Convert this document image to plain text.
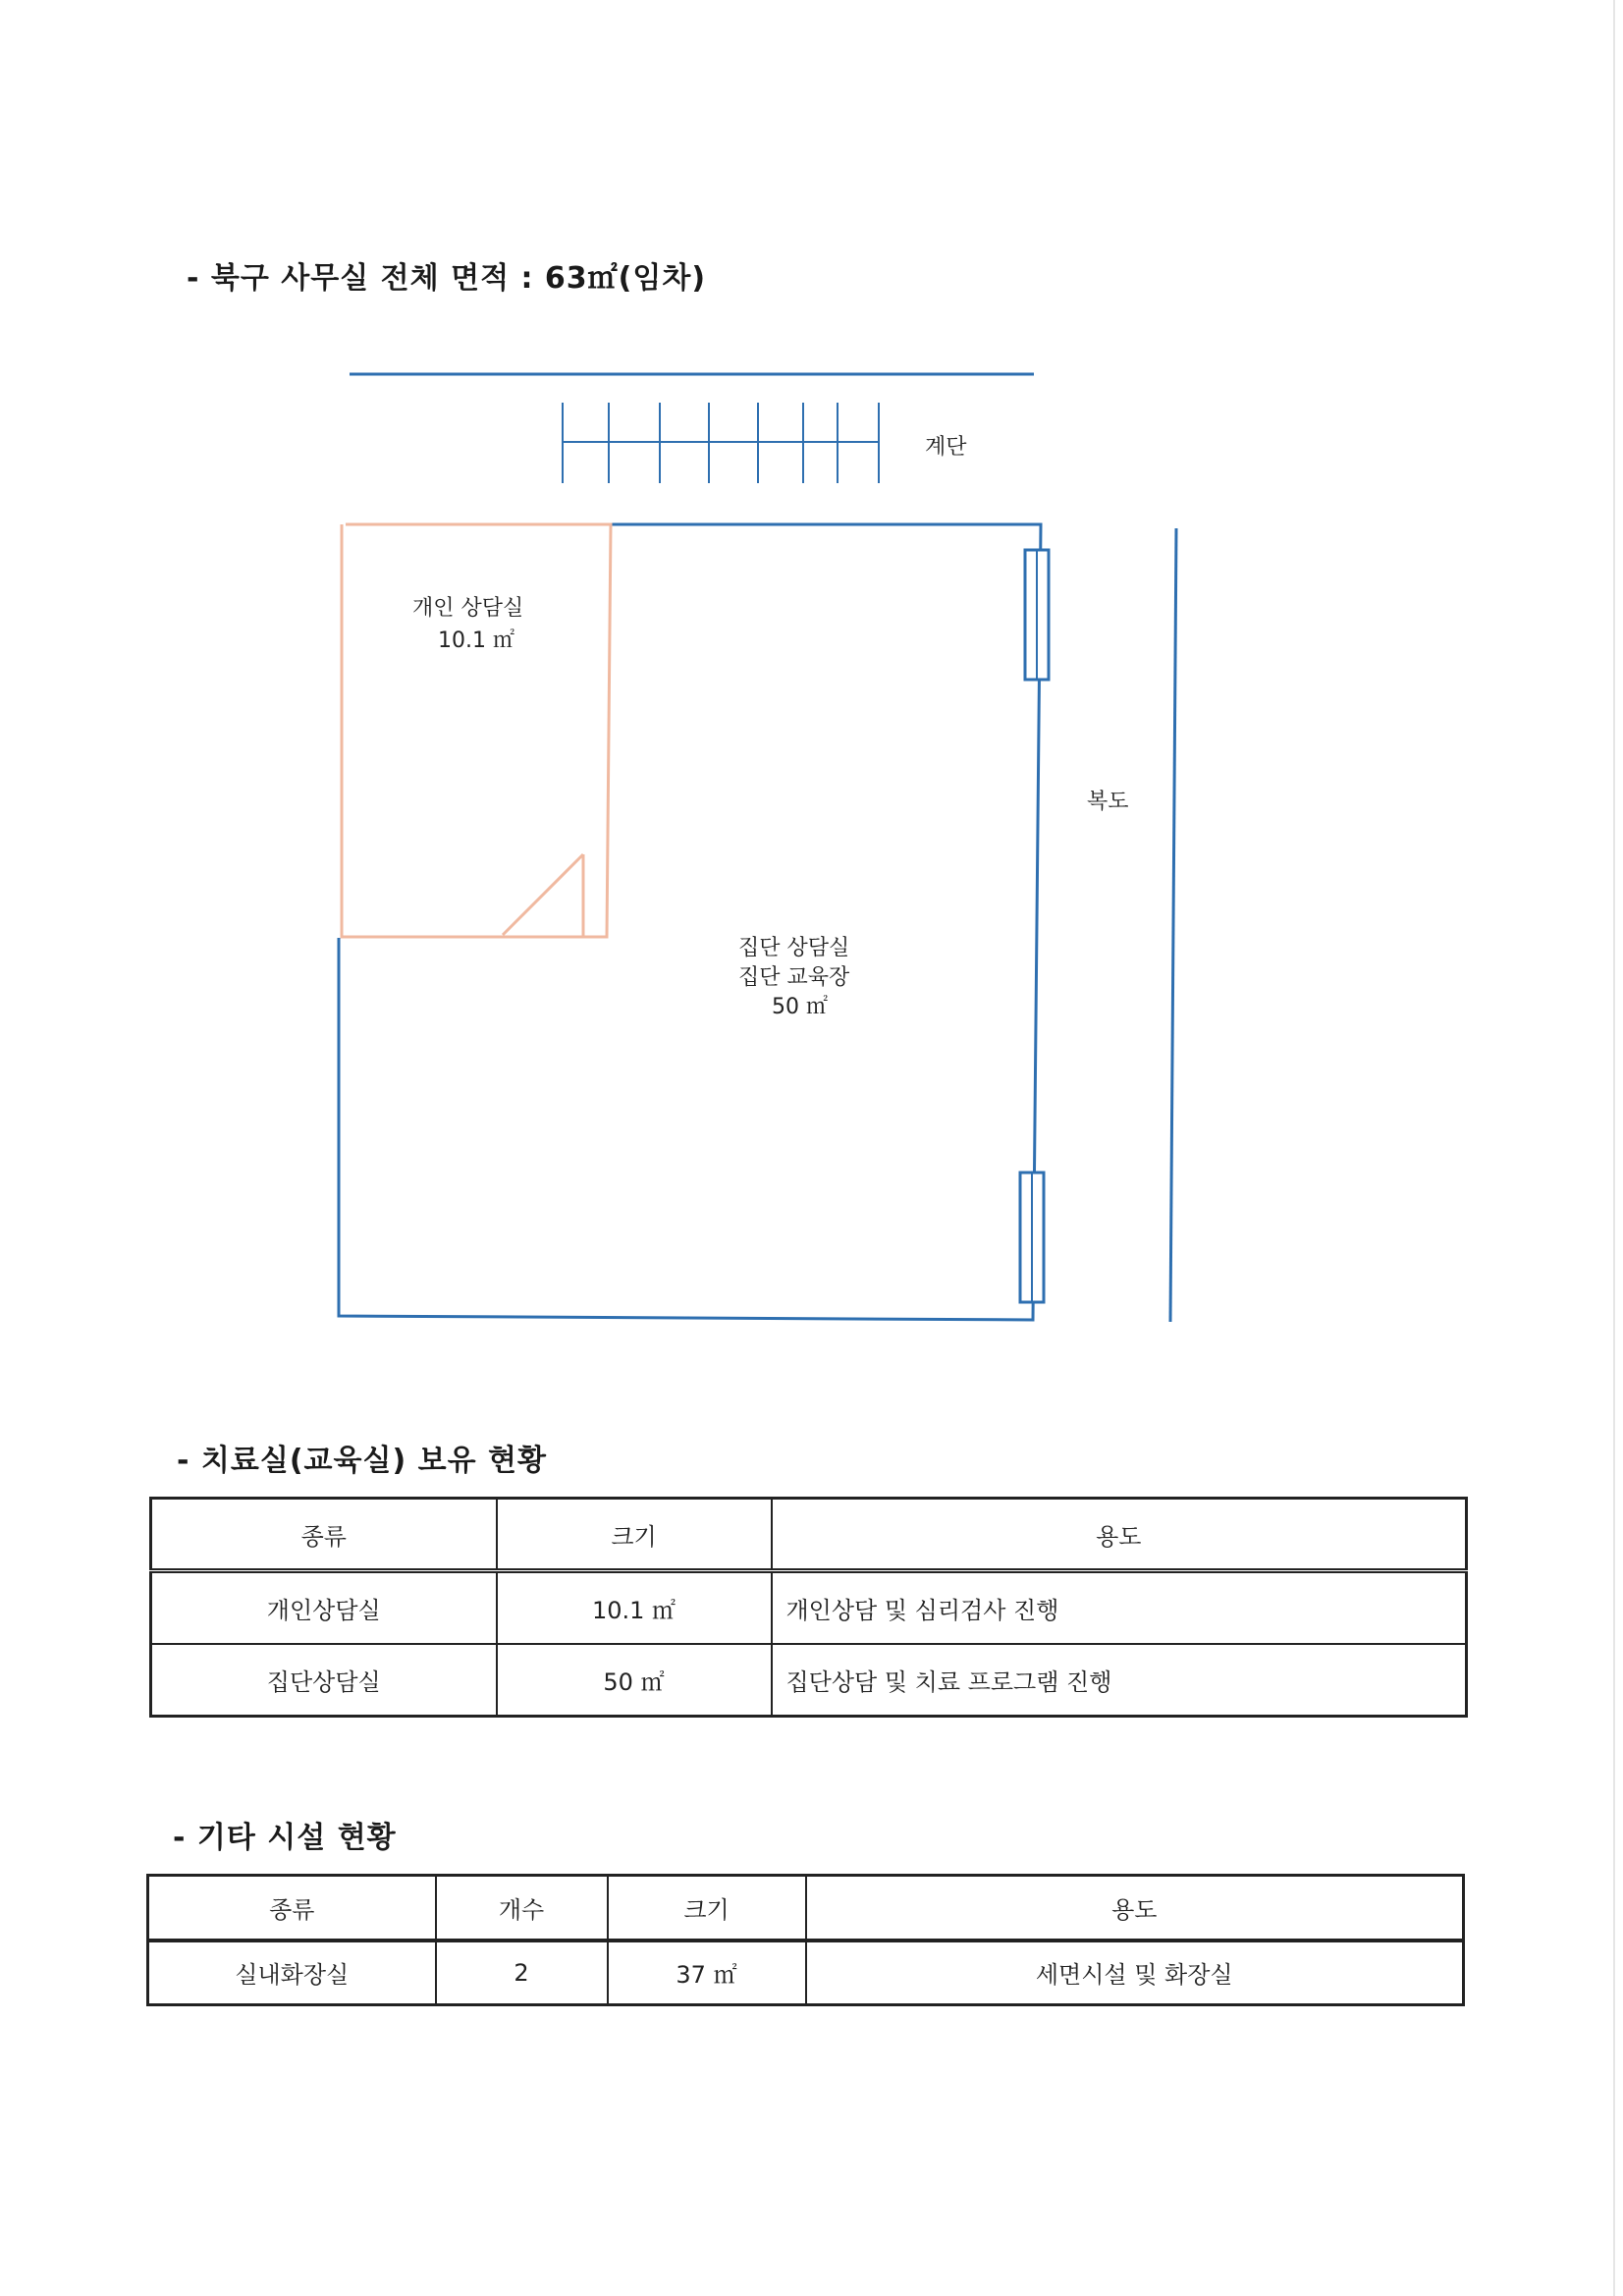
- 북구 사무실 전체 면적 : 63㎡(임차)
계단
복도
개인 상담실
10.1 ㎡
집단 상담실
집단 교육장
50 ㎡
- 치료실(교육실) 보유 현황
종류	크기	용도
개인상담실	10.1 ㎡	개인상담 및 심리검사 진행
집단상담실	50 ㎡	집단상담 및 치료 프로그램 진행
- 기타 시설 현황
종류	개수	크기	용도
실내화장실	2	37 ㎡	세면시설 및 화장실
